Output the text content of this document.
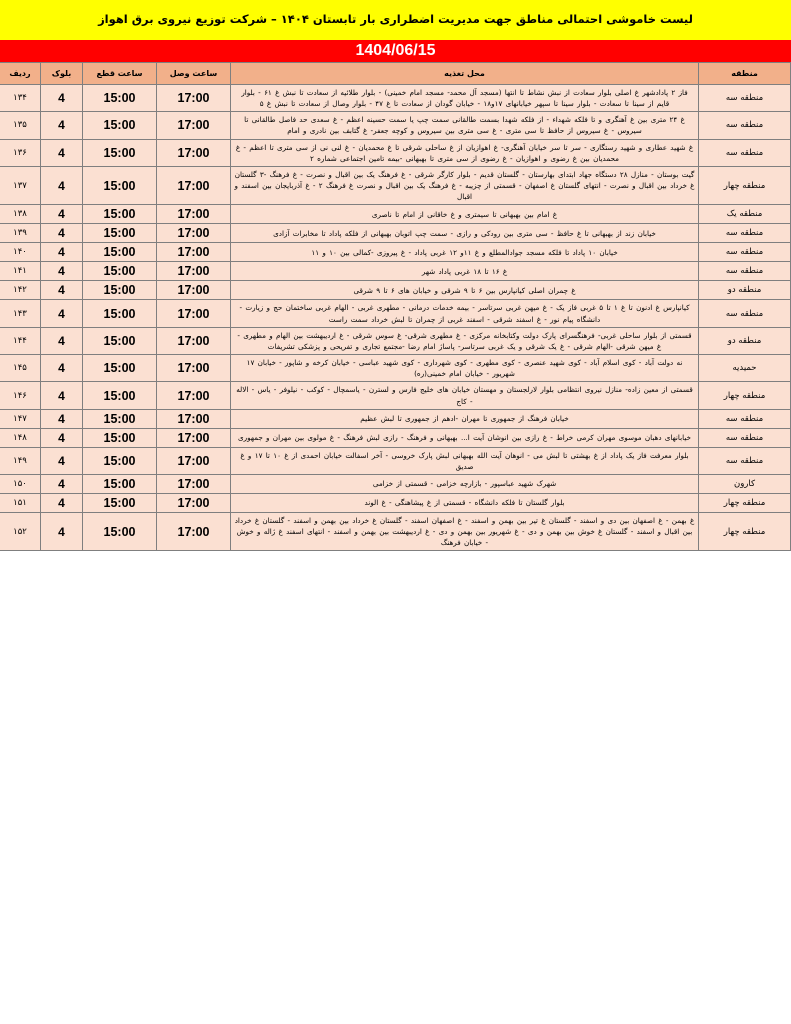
لیست خاموشی احتمالی مناطق جهت مدیریت اضطراری بار تابستان ۱۴۰۴ – شرکت توزیع نیروی برق اهواز
1404/06/15
منطقه	محل تغذیه	ساعت وصل	ساعت قطع	بلوک	ردیف
منطقه سه	فاز ۲ پادادشهر غ اصلی بلوار سعادت از نبش نشاط تا انتها (مسجد آل محمد- مسجد امام خمینی) - بلوار طلائیه از سعادت تا نبش غ ۶۱ - بلوار قایم از سینا تا سعادت - بلوار سینا تا سپهر خیابانهای ۱۷و۱۸ - خیابان گودان از سعادت تا غ ۴۷ - بلوار وصال از سعادت تا نبش غ ۵	17:00	15:00	4	۱۳۴
منطقه سه	غ ۲۴ متری بین غ آهنگری و تا فلکه شهداء - از فلکه شهدا بسمت طالقانی سمت چپ یا سمت حسینه اعظم - غ سعدی حد فاصل طالقانی تا سیروس - غ سیروس از حافظ تا سی متری - غ سی متری بین سیروس و کوچه جعفر- غ گتابف بین نادری و امام	17:00	15:00	4	۱۳۵
منطقه سه	غ شهید عطاری و شهید رستگاری - سر تا سر خیابان آهنگری- غ اهوازیان از غ ساحلی شرقی تا غ محمدیان - غ لنی نی از سی متری تا اعظم - غ محمدیان بین غ رضوی و اهوازیان - غ رضوی از سی متری تا بهبهانی -بیمه تامین اجتماعی شماره ۲	17:00	15:00	4	۱۳۶
منطقه چهار	گیت بوستان - منازل ۲۸ دستگاه جهاد ابتدای بهارستان - گلستان قدیم - بلوار کارگر شرقی - غ فرهنگ یک بین اقبال و نصرت - غ فرهنگ -۳ گلستان غ خرداد بین اقبال و نصرت - انتهای گلستان غ اصفهان - قسمتی از چزیبه - غ فرهنگ یک بین اقبال و نصرت غ فرهنگ ۲ - غ آذربایجان بین اسفند و اقبال	17:00	15:00	4	۱۳۷
منطقه یک	غ امام بین بهبهانی تا سیمتری و غ خاقانی از امام تا ناصری	17:00	15:00	4	۱۳۸
منطقه سه	خیابان زند از بهبهانی تا غ حافظ - سی متری بین رودکی و رازی - سمت چپ اتوبان بهبهانی از فلکه پاداد تا مخابرات آزادی	17:00	15:00	4	۱۳۹
منطقه سه	خیابان ۱۰ پاداد تا فلکه مسجد جوادالمطلع و غ ۱۱و ۱۲ غربی پاداد - غ پیروزی -کمالی بین ۱۰ و ۱۱	17:00	15:00	4	۱۴۰
منطقه سه	غ ۱۶ تا ۱۸ غربی پاداد شهر	17:00	15:00	4	۱۴۱
منطقه دو	غ چمران اصلی کیانپارس بین ۶ تا ۹ شرقی و خیابان های ۶ تا ۹ شرقی	17:00	15:00	4	۱۴۲
منطقه سه	کیانپارس غ ادنون تا غ ۱ تا ۵ غربی فاز یک - غ میهن غربی سرتاسر - بیمه خدمات درمانی - مطهری غربی - الهام غربی ساختمان حج و زیارت - دانشگاه پیام نور - غ اسفند شرقی - اسفند غربی از چمران تا لبش خرداد سمت راست	17:00	15:00	4	۱۴۳
منطقه دو	قسمتی از بلوار ساحلی غربی- فرهنگسرای پارک دولت وکتابخانه مرکزی - غ مطهری شرقی- غ سوس شرقی - غ اردیبهشت بین الهام و مطهری - غ میهن شرقی -الهام شرقی - غ یک شرقی و یک غربی سرتاسر- پاساژ امام رضا -مجتمع تجاری و تفریحی و پزشکی تشریفات	17:00	15:00	4	۱۴۴
حمیدیه	نه دولت آباد - کوی اسلام آباد - کوی شهید عنصری - کوی مطهری - کوی شهرداری - کوی شهید عباسی - خیابان کرخه و شاپور - خیابان ۱۷ شهریور - خیابان امام خمینی(ره)	17:00	15:00	4	۱۴۵
منطقه چهار	قسمتی از معین زاده- منازل نیروی انتظامی بلوار لارلجستان و مهستان خیابان های خلیج فارس و لسترن - یاسمچال - کوکب - نیلوفر - یاس - الاله - کاج	17:00	15:00	4	۱۴۶
منطقه سه	خیابان فرهنگ از جمهوری تا مهران -ادهم از جمهوری تا لبش عظیم	17:00	15:00	4	۱۴۷
منطقه سه	خیابانهای دهبان موسوی مهران کرمی خراط - غ رازی بین انوشان آیت ا... بهبهانی و فرهنگ - رازی لبش فرهنگ - غ مولوی بین مهران و جمهوری	17:00	15:00	4	۱۴۸
منطقه سه	بلوار معرفت فاز یک پاداد از غ بهشتی تا لبش می - انوهان آیت الله بهبهانی لبش پارک خروسی - آخر اسفالت خیابان احمدی از غ ۱۰ تا ۱۷ و غ صدیق	17:00	15:00	4	۱۴۹
کارون	شهرک شهید عباسپور - بازارچه خزامی - قسمتی از خزامی	17:00	15:00	4	۱۵۰
منطقه چهار	بلوار گلستان تا فلکه دانشگاه - قسمتی از غ پیشاهنگی - غ الوند	17:00	15:00	4	۱۵۱
منطقه چهار	غ بهمن - غ اصفهان بین دی و اسفند - گلستان غ تیر بین بهمن و اسفند - غ اصفهان اسفند - گلستان غ خرداد بین بهمن و اسفند - گلستان غ خرداد بین اقبال و اسفند - گلستان غ خوش بین بهمن و دی - غ شهریور بین بهمن و دی - غ اردیبهشت بین بهمن و اسفند - انتهای اسفند غ ژاله و خوش - خیابان فرهنگ	17:00	15:00	4	۱۵۲
